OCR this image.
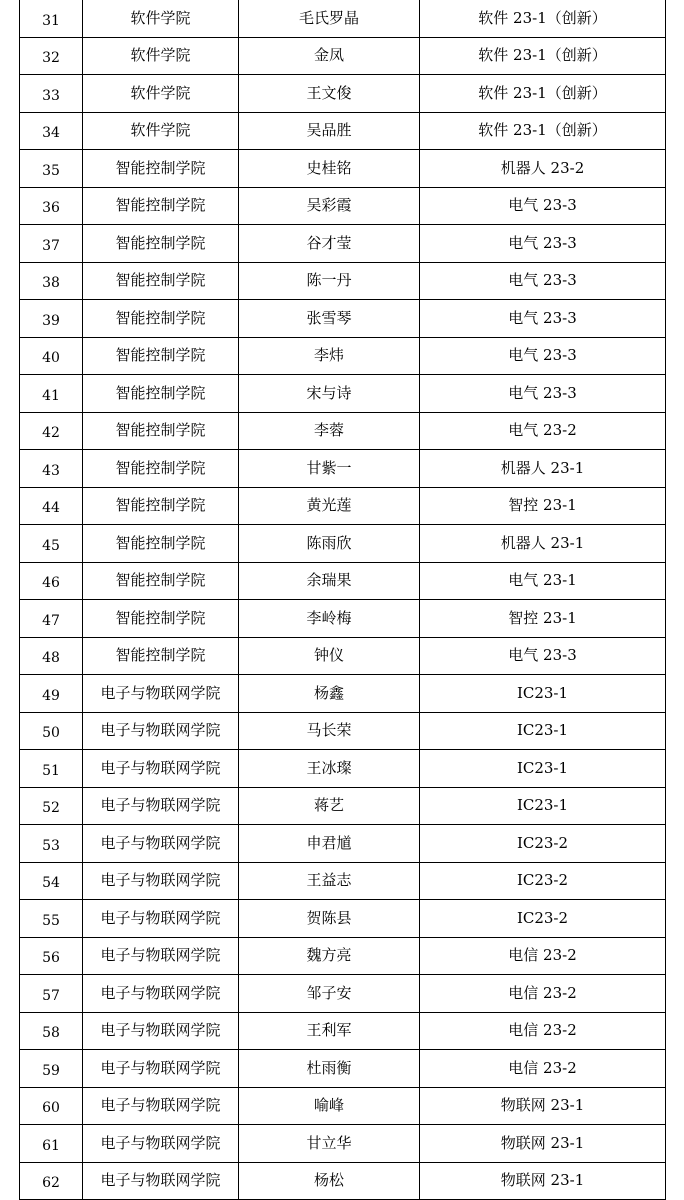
31	软件学院	毛氏罗晶	软件 23-1（创新）
32	软件学院	金凤	软件 23-1（创新）
33	软件学院	王文俊	软件 23-1（创新）
34	软件学院	吴品胜	软件 23-1（创新）
35	智能控制学院	史桂铭	机器人 23-2
36	智能控制学院	吴彩霞	电气 23-3
37	智能控制学院	谷才莹	电气 23-3
38	智能控制学院	陈一丹	电气 23-3
39	智能控制学院	张雪琴	电气 23-3
40	智能控制学院	李炜	电气 23-3
41	智能控制学院	宋与诗	电气 23-3
42	智能控制学院	李蓉	电气 23-2
43	智能控制学院	甘紫一	机器人 23-1
44	智能控制学院	黄光莲	智控 23-1
45	智能控制学院	陈雨欣	机器人 23-1
46	智能控制学院	余瑞果	电气 23-1
47	智能控制学院	李岭梅	智控 23-1
48	智能控制学院	钟仪	电气 23-3
49	电子与物联网学院	杨鑫	IC23-1
50	电子与物联网学院	马长荣	IC23-1
51	电子与物联网学院	王冰璨	IC23-1
52	电子与物联网学院	蒋艺	IC23-1
53	电子与物联网学院	申君馗	IC23-2
54	电子与物联网学院	王益志	IC23-2
55	电子与物联网学院	贺陈县	IC23-2
56	电子与物联网学院	魏方亮	电信 23-2
57	电子与物联网学院	邹子安	电信 23-2
58	电子与物联网学院	王利军	电信 23-2
59	电子与物联网学院	杜雨衡	电信 23-2
60	电子与物联网学院	喻峰	物联网 23-1
61	电子与物联网学院	甘立华	物联网 23-1
62	电子与物联网学院	杨松	物联网 23-1
